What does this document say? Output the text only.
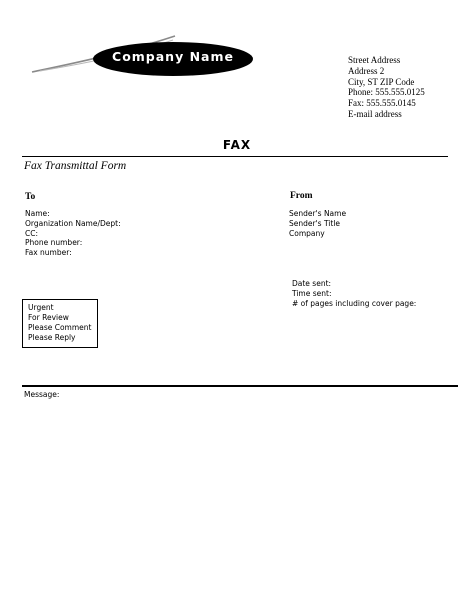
Company Name	Street Address
Address 2
City, ST ZIP Code
Phone: 555.555.0125
Fax: 555.555.0145
E-mail address
FAX
Fax Transmittal Form
To
Name:
Organization Name/Dept:
CC:
Phone number:
Fax number:
From
Sender's Name
Sender's Title
Company
Date sent:
Time sent:
# of pages including cover page:
Urgent
For Review
Please Comment
Please Reply
Message:
